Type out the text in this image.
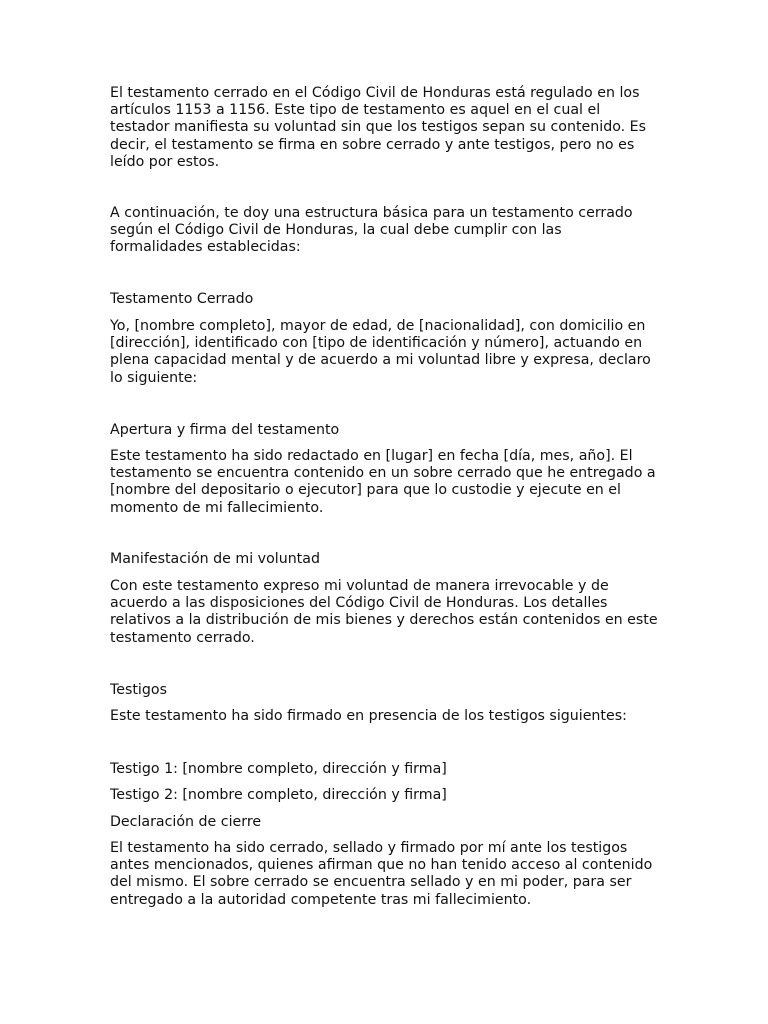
El testamento cerrado en el Código Civil de Honduras está regulado en los
artículos 1153 a 1156. Este tipo de testamento es aquel en el cual el
testador manifiesta su voluntad sin que los testigos sepan su contenido. Es
decir, el testamento se firma en sobre cerrado y ante testigos, pero no es
leído por estos.

A continuación, te doy una estructura básica para un testamento cerrado
según el Código Civil de Honduras, la cual debe cumplir con las
formalidades establecidas:

Testamento Cerrado

Yo, [nombre completo], mayor de edad, de [nacionalidad], con domicilio en
[dirección], identificado con [tipo de identificación y número], actuando en
plena capacidad mental y de acuerdo a mi voluntad libre y expresa, declaro
lo siguiente:

Apertura y firma del testamento

Este testamento ha sido redactado en [lugar] en fecha [día, mes, año]. El
testamento se encuentra contenido en un sobre cerrado que he entregado a
[nombre del depositario o ejecutor] para que lo custodie y ejecute en el
momento de mi fallecimiento.

Manifestación de mi voluntad

Con este testamento expreso mi voluntad de manera irrevocable y de
acuerdo a las disposiciones del Código Civil de Honduras. Los detalles
relativos a la distribución de mis bienes y derechos están contenidos en este
testamento cerrado.

Testigos

Este testamento ha sido firmado en presencia de los testigos siguientes:

Testigo 1: [nombre completo, dirección y firma]

Testigo 2: [nombre completo, dirección y firma]

Declaración de cierre

El testamento ha sido cerrado, sellado y firmado por mí ante los testigos
antes mencionados, quienes afirman que no han tenido acceso al contenido
del mismo. El sobre cerrado se encuentra sellado y en mi poder, para ser
entregado a la autoridad competente tras mi fallecimiento.
